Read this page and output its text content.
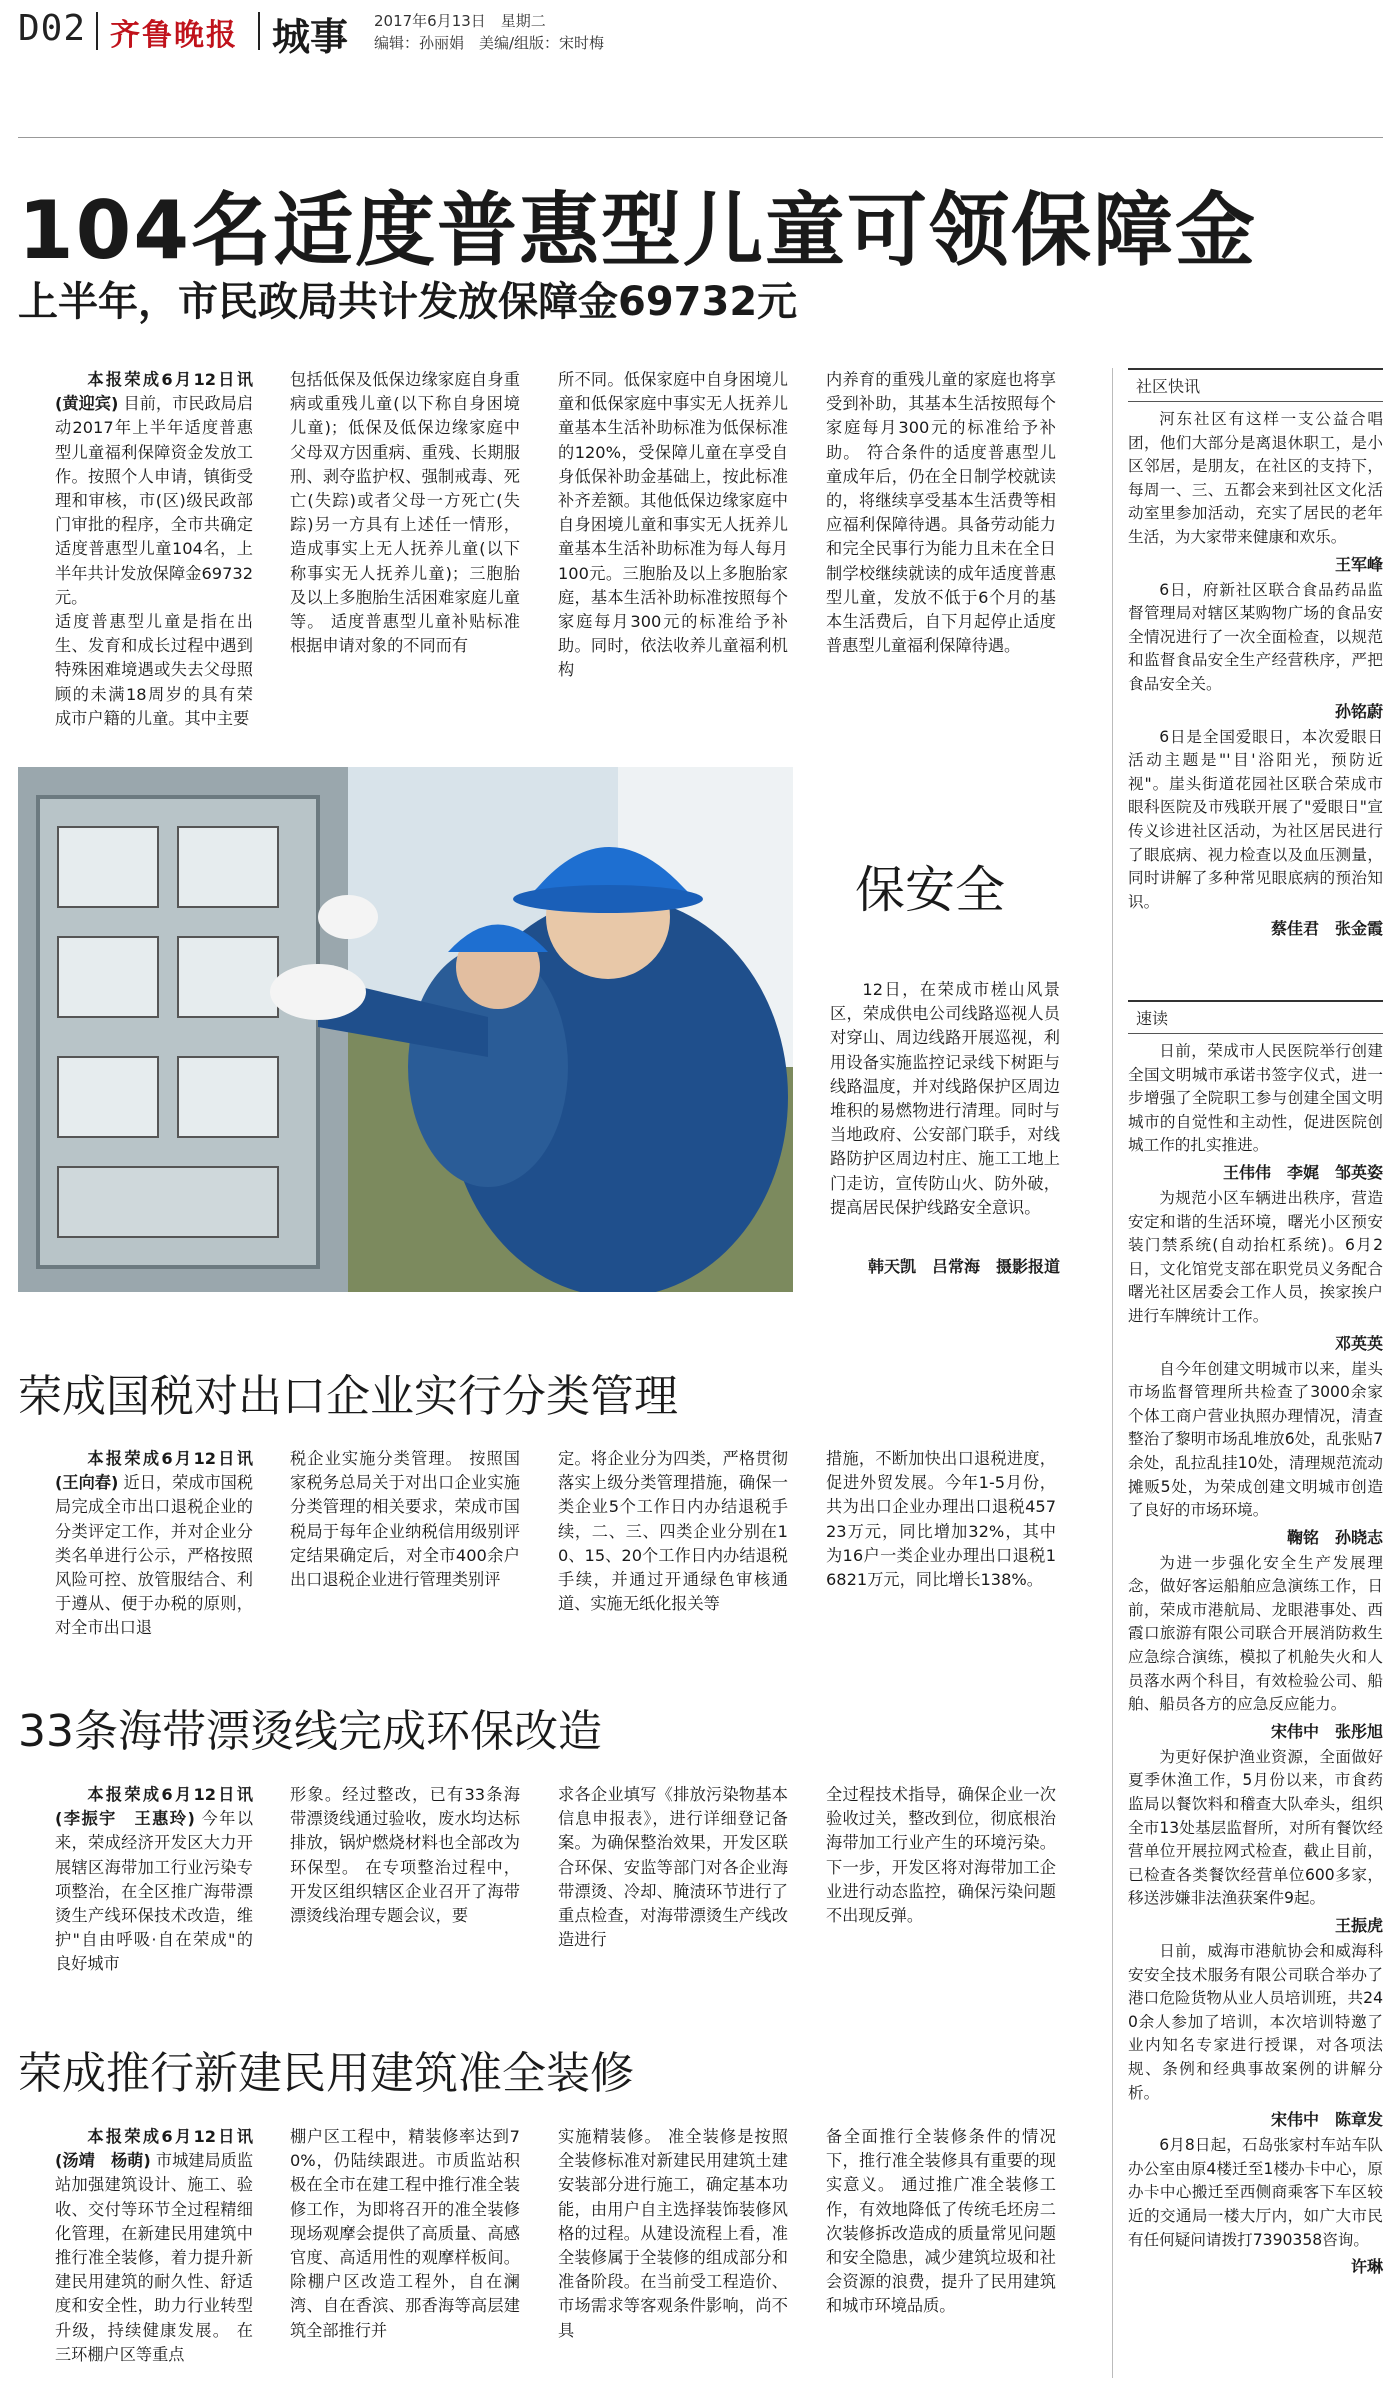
D02 齐鲁晚报 城事 2017年6月13日　星期二
编辑：孙丽娟　美编/组版：宋时梅
104名适度普惠型儿童可领保障金
上半年，市民政局共计发放保障金69732元
本报荣成6月12日讯(黄迎宾) 目前，市民政局启动2017年上半年适度普惠型儿童福利保障资金发放工作。按照个人申请，镇街受理和审核，市(区)级民政部门审批的程序，全市共确定适度普惠型儿童104名，上半年共计发放保障金69732元。
适度普惠型儿童是指在出生、发育和成长过程中遇到特殊困难境遇或失去父母照顾的未满18周岁的具有荣成市户籍的儿童。其中主要
包括低保及低保边缘家庭自身重病或重残儿童(以下称自身困境儿童)；低保及低保边缘家庭中父母双方因重病、重残、长期服刑、剥夺监护权、强制戒毒、死亡(失踪)或者父母一方死亡(失踪)另一方具有上述任一情形，造成事实上无人抚养儿童(以下称事实无人抚养儿童)；三胞胎及以上多胞胎生活困难家庭儿童等。 适度普惠型儿童补贴标准根据申请对象的不同而有
所不同。低保家庭中自身困境儿童和低保家庭中事实无人抚养儿童基本生活补助标准为低保标准的120%，受保障儿童在享受自身低保补助金基础上，按此标准补齐差额。其他低保边缘家庭中自身困境儿童和事实无人抚养儿童基本生活补助标准为每人每月100元。三胞胎及以上多胞胎家庭，基本生活补助标准按照每个家庭每月300元的标准给予补助。同时，依法收养儿童福利机构
内养育的重残儿童的家庭也将享受到补助，其基本生活按照每个家庭每月300元的标准给予补助。 符合条件的适度普惠型儿童成年后，仍在全日制学校就读的，将继续享受基本生活费等相应福利保障待遇。具备劳动能力和完全民事行为能力且未在全日制学校继续就读的成年适度普惠型儿童，发放不低于6个月的基本生活费后，自下月起停止适度普惠型儿童福利保障待遇。
保安全
12日，在荣成市槎山风景区，荣成供电公司线路巡视人员对穿山、周边线路开展巡视，利用设备实施监控记录线下树距与线路温度，并对线路保护区周边堆积的易燃物进行清理。同时与当地政府、公安部门联手，对线路防护区周边村庄、施工工地上门走访，宣传防山火、防外破，提高居民保护线路安全意识。
韩天凯　吕常海　摄影报道
荣成国税对出口企业实行分类管理
本报荣成6月12日讯(王向春) 近日，荣成市国税局完成全市出口退税企业的分类评定工作，并对企业分类名单进行公示，严格按照风险可控、放管服结合、利于遵从、便于办税的原则，对全市出口退
税企业实施分类管理。 按照国家税务总局关于对出口企业实施分类管理的相关要求，荣成市国税局于每年企业纳税信用级别评定结果确定后，对全市400余户出口退税企业进行管理类别评
定。将企业分为四类，严格贯彻落实上级分类管理措施，确保一类企业5个工作日内办结退税手续，二、三、四类企业分别在10、15、20个工作日内办结退税手续，并通过开通绿色审核通道、实施无纸化报关等
措施，不断加快出口退税进度，促进外贸发展。今年1-5月份，共为出口企业办理出口退税45723万元，同比增加32%，其中为16户一类企业办理出口退税16821万元，同比增长138%。
33条海带漂烫线完成环保改造
本报荣成6月12日讯(李振宇　王惠玲) 今年以来，荣成经济开发区大力开展辖区海带加工行业污染专项整治，在全区推广海带漂烫生产线环保技术改造，维护"自由呼吸·自在荣成"的良好城市
形象。经过整改，已有33条海带漂烫线通过验收，废水均达标排放，锅炉燃烧材料也全部改为环保型。 在专项整治过程中，开发区组织辖区企业召开了海带漂烫线治理专题会议，要
求各企业填写《排放污染物基本信息申报表》，进行详细登记备案。为确保整治效果，开发区联合环保、安监等部门对各企业海带漂烫、冷却、腌渍环节进行了重点检查，对海带漂烫生产线改造进行
全过程技术指导，确保企业一次验收过关，整改到位，彻底根治海带加工行业产生的环境污染。 下一步，开发区将对海带加工企业进行动态监控，确保污染问题不出现反弹。
荣成推行新建民用建筑准全装修
本报荣成6月12日讯(汤靖　杨萌) 市城建局质监站加强建筑设计、施工、验收、交付等环节全过程精细化管理，在新建民用建筑中推行准全装修，着力提升新建民用建筑的耐久性、舒适度和安全性，助力行业转型升级，持续健康发展。 在三环棚户区等重点
棚户区工程中，精装修率达到70%，仍陆续跟进。市质监站积极在全市在建工程中推行准全装修工作，为即将召开的准全装修现场观摩会提供了高质量、高感官度、高适用性的观摩样板间。除棚户区改造工程外，自在澜湾、自在香滨、那香海等高层建筑全部推行并
实施精装修。 准全装修是按照全装修标准对新建民用建筑土建安装部分进行施工，确定基本功能，由用户自主选择装饰装修风格的过程。从建设流程上看，准全装修属于全装修的组成部分和准备阶段。在当前受工程造价、市场需求等客观条件影响，尚不具
备全面推行全装修条件的情况下，推行准全装修具有重要的现实意义。 通过推广准全装修工作，有效地降低了传统毛坯房二次装修拆改造成的质量常见问题和安全隐患，减少建筑垃圾和社会资源的浪费，提升了民用建筑和城市环境品质。
社区快讯

河东社区有这样一支公益合唱团，他们大部分是离退休职工，是小区邻居，是朋友，在社区的支持下，每周一、三、五都会来到社区文化活动室里参加活动，充实了居民的老年生活，为大家带来健康和欢乐。

王军峰

6日，府新社区联合食品药品监督管理局对辖区某购物广场的食品安全情况进行了一次全面检查，以规范和监督食品安全生产经营秩序，严把食品安全关。

孙铭蔚

6日是全国爱眼日，本次爱眼日活动主题是"'目'浴阳光，预防近视"。崖头街道花园社区联合荣成市眼科医院及市残联开展了"爱眼日"宣传义诊进社区活动，为社区居民进行了眼底病、视力检查以及血压测量，同时讲解了多种常见眼底病的预治知识。

蔡佳君　张金霞
速读

日前，荣成市人民医院举行创建全国文明城市承诺书签字仪式，进一步增强了全院职工参与创建全国文明城市的自觉性和主动性，促进医院创城工作的扎实推进。

王伟伟　李娓　邹英姿

为规范小区车辆进出秩序，营造安定和谐的生活环境，曙光小区预安装门禁系统(自动抬杠系统)。6月2日，文化馆党支部在职党员义务配合曙光社区居委会工作人员，挨家挨户进行车牌统计工作。

邓英英

自今年创建文明城市以来，崖头市场监督管理所共检查了3000余家个体工商户营业执照办理情况，清查整治了黎明市场乱堆放6处，乱张贴7余处，乱拉乱挂10处，清理规范流动摊贩5处，为荣成创建文明城市创造了良好的市场环境。

鞠铭　孙晓志

为进一步强化安全生产发展理念，做好客运船舶应急演练工作，日前，荣成市港航局、龙眼港事处、西霞口旅游有限公司联合开展消防救生应急综合演练，模拟了机舱失火和人员落水两个科目，有效检验公司、船舶、船员各方的应急反应能力。

宋伟中　张彤旭

为更好保护渔业资源，全面做好夏季休渔工作，5月份以来，市食药监局以餐饮料和稽查大队牵头，组织全市13处基层监督所，对所有餐饮经营单位开展拉网式检查，截止目前，已检查各类餐饮经营单位600多家，移送涉嫌非法渔获案件9起。

王振虎

日前，威海市港航协会和威海科安安全技术服务有限公司联合举办了港口危险货物从业人员培训班，共240余人参加了培训，本次培训特邀了业内知名专家进行授课，对各项法规、条例和经典事故案例的讲解分析。

宋伟中　陈章发

6月8日起，石岛张家村车站车队办公室由原4楼迁至1楼办卡中心，原办卡中心搬迁至西侧商乘客下车区较近的交通局一楼大厅内，如广大市民有任何疑问请拨打7390358咨询。

许琳
